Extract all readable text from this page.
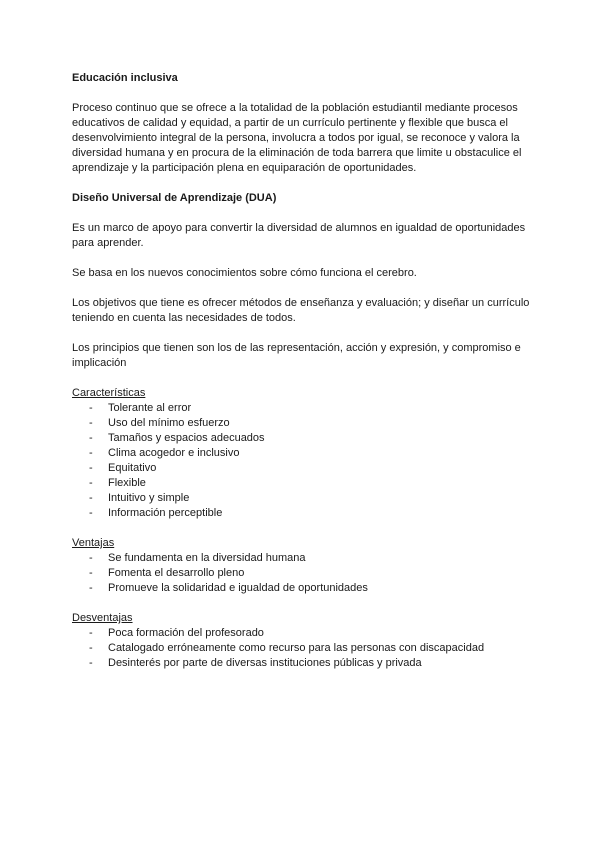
Educación inclusiva

Proceso continuo que se ofrece a la totalidad de la población estudiantil mediante procesos educativos de calidad y equidad, a partir de un currículo pertinente y flexible que busca el desenvolvimiento integral de la persona, involucra a todos por igual, se reconoce y valora la diversidad humana y en procura de la eliminación de toda barrera que limite u obstaculice el aprendizaje y la participación plena en equiparación de oportunidades.

Diseño Universal de Aprendizaje (DUA)

Es un marco de apoyo para convertir la diversidad de alumnos en igualdad de oportunidades para aprender.

Se basa en los nuevos conocimientos sobre cómo funciona el cerebro.

Los objetivos que tiene es ofrecer métodos de enseñanza y evaluación; y diseñar un currículo teniendo en cuenta las necesidades de todos.

Los principios que tienen son los de las representación, acción y expresión, y compromiso e implicación

Características

- Tolerante al error
- Uso del mínimo esfuerzo
- Tamaños y espacios adecuados
- Clima acogedor e inclusivo
- Equitativo
- Flexible
- Intuitivo y simple
- Información perceptible

Ventajas

- Se fundamenta en la diversidad humana
- Fomenta el desarrollo pleno
- Promueve la solidaridad e igualdad de oportunidades

Desventajas

- Poca formación del profesorado
- Catalogado erróneamente como recurso para las personas con discapacidad
- Desinterés por parte de diversas instituciones públicas y privada
